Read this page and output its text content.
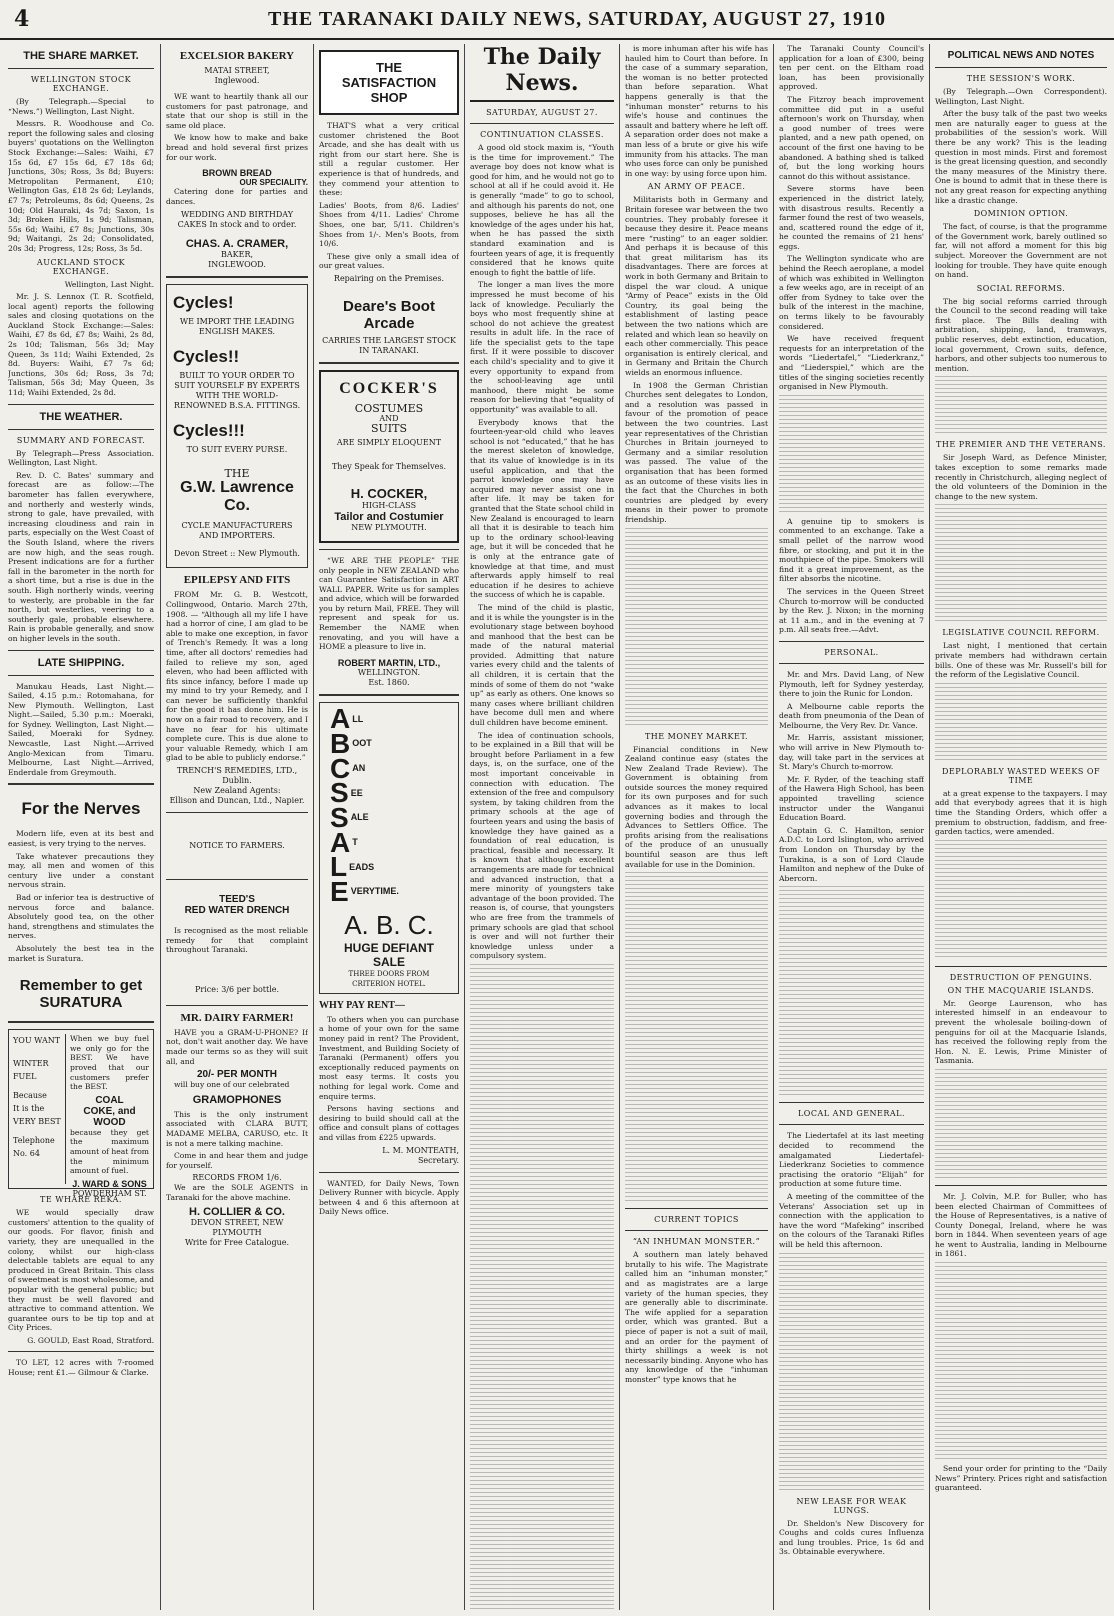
4	THE TARANAKI DAILY NEWS, SATURDAY, AUGUST 27, 1910
THE SHARE MARKET.
WELLINGTON STOCK EXCHANGE.

(By Telegraph.—Special to “News.”) Wellington, Last Night.

Messrs. R. Woodhouse and Co. report the following sales and closing buyers' quotations on the Wellington Stock Exchange:—Sales: Waihi, £7 15s 6d, £7 15s 6d, £7 18s 6d; Junctions, 30s; Ross, 3s 8d; Buyers: Metropolitan Permanent, £10; Wellington Gas, £18 2s 6d; Leylands, £7 7s; Petroleums, 8s 6d; Queens, 2s 10d; Old Hauraki, 4s 7d; Saxon, 1s 3d; Broken Hills, 1s 9d; Talisman, 55s 6d; Waihi, £7 8s; Junctions, 30s 9d; Waitangi, 2s 2d; Consolidated, 20s 3d; Progress, 12s; Ross, 3s 5d.

AUCKLAND STOCK EXCHANGE.

Wellington, Last Night.

Mr. J. S. Lennox (T. R. Scotfield, local agent) reports the following sales and closing quotations on the Auckland Stock Exchange:—Sales: Waihi, £7 8s 6d, £7 8s; Waihi, 2s 8d, 2s 10d; Talisman, 56s 3d; May Queen, 3s 11d; Waihi Extended, 2s 8d. Buyers: Waihi, £7 7s 6d; Junctions, 30s 6d; Ross, 3s 7d; Talisman, 56s 3d; May Queen, 3s 11d; Waihi Extended, 2s 8d.

THE WEATHER.
SUMMARY AND FORECAST.

By Telegraph—Press Association. Wellington, Last Night.

Rev. D. C. Bates' summary and forecast are as follow:—The barometer has fallen everywhere, and northerly and westerly winds, strong to gale, have prevailed, with increasing cloudiness and rain in parts, especially on the West Coast of the South Island, where the rivers are now high, and the seas rough. Present indications are for a further fall in the barometer in the north for a short time, but a rise is due in the south. High northerly winds, veering to westerly, are probable in the far north, but westerlies, veering to a southerly gale, probable elsewhere. Rain is probable generally, and snow on higher levels in the south.

LATE SHIPPING.

Manukau Heads, Last Night.—Sailed, 4.15 p.m.: Rotomahana, for New Plymouth. Wellington, Last Night.—Sailed, 5.30 p.m.: Moeraki, for Sydney. Wellington, Last Night.—Sailed, Moeraki for Sydney. Newcastle, Last Night.—Arrived Anglo-Mexican from Timaru. Melbourne, Last Night.—Arrived, Enderdale from Greymouth.

For the Nerves

Modern life, even at its best and easiest, is very trying to the nerves.

Take whatever precautions they may, all men and women of this century live under a constant nervous strain.

Bad or inferior tea is destructive of nervous force and balance. Absolutely good tea, on the other hand, strengthens and stimulates the nerves.

Absolutely the best tea in the market is Suratura.

Remember to get
SURATURA
YOU WANT
WINTER FUEL
Because
It is the
VERY BEST
Telephone No. 64

When we buy fuel we only go for the BEST. We have proved that our customers prefer the BEST.

COAL
COKE, and
WOOD

because they get the maximum amount of heat from the minimum amount of fuel.

J. WARD & SONS
POWDERHAM ST.
TE WHARE REKA.

WE would specially draw customers' attention to the quality of our goods. For flavor, finish and variety, they are unequalled in the colony, whilst our high-class delectable tablets are equal to any produced in Great Britain. This class of sweetmeat is most wholesome, and popular with the general public; but they must be well flavored and attractive to command attention. We guarantee ours to be tip top and at City Prices.

G. GOULD, East Road, Stratford.

TO LET, 12 acres with 7-roomed House; rent £1.— Gilmour & Clarke.

EXCELSIOR BAKERY
MATAI STREET,
Inglewood.

WE want to heartily thank all our customers for past patronage, and state that our shop is still in the same old place.

We know how to make and bake bread and hold several first prizes for our work.

BROWN BREAD
OUR SPECIALITY.

Catering done for parties and dances.

WEDDING AND BIRTHDAY CAKES In stock and to order.
CHAS. A. CRAMER,
BAKER,
INGLEWOOD.
Cycles!
WE IMPORT THE LEADING ENGLISH MAKES.
Cycles!!
BUILT TO YOUR ORDER TO SUIT YOURSELF BY EXPERTS WITH THE WORLD-RENOWNED B.S.A. FITTINGS.
Cycles!!!
TO SUIT EVERY PURSE.
THE
G.W. Lawrence
Co.
CYCLE MANUFACTURERS AND IMPORTERS.
Devon Street :: New Plymouth.
EPILEPSY AND FITS

FROM Mr. G. B. Westcott, Collingwood, Ontario. March 27th, 1908. — “Although all my life I have had a horror of cine, I am glad to be able to make one exception, in favor of Trench's Remedy. It was a long time, after all doctors' remedies had failed to relieve my son, aged eleven, who had been afflicted with fits since infancy, before I made up my mind to try your Remedy, and I can never be sufficiently thankful for the good it has done him. He is now on a fair road to recovery, and I have no fear for his ultimate complete cure. This is due alone to your valuable Remedy, which I am glad to be able to publicly endorse.”

TRENCH'S REMEDIES, LTD., Dublin.
New Zealand Agents:
Ellison and Duncan, Ltd., Napier.
NOTICE TO FARMERS.
TEED'S
RED WATER DRENCH

Is recognised as the most reliable remedy for that complaint throughout Taranaki.

Price: 3/6 per bottle.
MR. DAIRY FARMER!

HAVE you a GRAM-U-PHONE? If not, don't wait another day. We have made our terms so as they will suit all, and

20/- PER MONTH

will buy one of our celebrated

GRAMOPHONES

This is the only instrument associated with CLARA BUTT, MADAME MELBA, CARUSO, etc. It is not a mere talking machine.

Come in and hear them and judge for yourself.

RECORDS FROM 1/6.

We are the SOLE AGENTS in Taranaki for the above machine.

H. COLLIER & CO.
DEVON STREET, NEW PLYMOUTH
Write for Free Catalogue.
THE
SATISFACTION
SHOP

THAT'S what a very critical customer christened the Boot Arcade, and she has dealt with us right from our start here. She is still a regular customer. Her experience is that of hundreds, and they commend your attention to these:

Ladies' Boots, from 8/6. Ladies' Shoes from 4/11. Ladies' Chrome Shoes, one bar, 5/11. Children's Shoes from 1/-. Men's Boots, from 10/6.

These give only a small idea of our great values.

Repairing on the Premises.
Deare's Boot
Arcade
CARRIES THE LARGEST STOCK IN TARANAKI.
COCKER'S
COSTUMES
AND
SUITS
ARE SIMPLY ELOQUENT
They Speak for Themselves.
H. COCKER,
HIGH-CLASS
Tailor and Costumier
NEW PLYMOUTH.

“WE ARE THE PEOPLE” THE only people in NEW ZEALAND who can Guarantee Satisfaction in ART WALL PAPER. Write us for samples and advice, which will be forwarded you by return Mail, FREE. They will represent and speak for us. Remember the NAME when renovating, and you will have a HOME a pleasure to live in.

ROBERT MARTIN, LTD.,
WELLINGTON.
Est. 1860.
ALL
BOOT
CAN
SEE
SALE
A T
LEADS
EVERYTIME.
A. B. C.
HUGE DEFIANT SALE
THREE DOORS FROM CRITERION HOTEL.
WHY PAY RENT—

To others when you can purchase a home of your own for the same money paid in rent? The Provident, Investment, and Building Society of Taranaki (Permanent) offers you exceptionally reduced payments on most easy terms. It costs you nothing for legal work. Come and enquire terms.

Persons having sections and desiring to build should call at the office and consult plans of cottages and villas from £225 upwards.

L. M. MONTEATH,
Secretary.

WANTED, for Daily News, Town Delivery Runner with bicycle. Apply between 4 and 6 this afternoon at Daily News office.

The Daily News.
SATURDAY, AUGUST 27.
CONTINUATION CLASSES.

A good old stock maxim is, “Youth is the time for improvement.” The average boy does not know what is good for him, and he would not go to school at all if he could avoid it. He is generally “made” to go to school, and although his parents do not, one supposes, believe he has all the knowledge of the ages under his hat, when he has passed the sixth standard examination and is fourteen years of age, it is frequently considered that he knows quite enough to fight the battle of life.

The longer a man lives the more impressed he must become of his lack of knowledge. Peculiarly the boys who most frequently shine at school do not achieve the greatest results in adult life. In the race of life the specialist gets to the tape first. If it were possible to discover each child's speciality and to give it every opportunity to expand from the school-leaving age until manhood, there might be some reason for believing that “equality of opportunity” was available to all.

Everybody knows that the fourteen-year-old child who leaves school is not “educated,” that he has the merest skeleton of knowledge, that its value of knowledge is in its useful application, and that the parrot knowledge one may have acquired may never assist one in after life. It may be taken for granted that the State school child in New Zealand is encouraged to learn all that it is desirable to teach him up to the ordinary school-leaving age, but it will be conceded that he is only at the entrance gate of knowledge at that time, and must afterwards apply himself to real education if he desires to achieve the success of which he is capable.

The mind of the child is plastic, and it is while the youngster is in the evolutionary stage between boyhood and manhood that the best can be made of the natural material provided. Admitting that nature varies every child and the talents of all children, it is certain that the minds of some of them do not “wake up” as early as others. One knows so many cases where brilliant children have become dull men and where dull children have become eminent.

The idea of continuation schools, to be explained in a Bill that will be brought before Parliament in a few days, is, on the surface, one of the most important conceivable in connection with education. The extension of the free and compulsory system, by taking children from the primary schools at the age of fourteen years and using the basis of knowledge they have gained as a foundation of real education, is practical, feasible and necessary. It is known that although excellent arrangements are made for technical and advanced instruction, that a mere minority of youngsters take advantage of the boon provided. The reason is, of course, that youngsters who are free from the trammels of primary schools are glad that school is over and will not further their knowledge unless under a compulsory system.

is more inhuman after his wife has hauled him to Court than before. In the case of a summary separation, the woman is no better protected than before separation. What happens generally is that the “inhuman monster” returns to his wife's house and continues the assault and battery where he left off. A separation order does not make a man less of a brute or give his wife immunity from his attacks. The man who uses force can only be punished in one way: by using force upon him.

AN ARMY OF PEACE.

Militarists both in Germany and Britain foresee war between the two countries. They probably foresee it because they desire it. Peace means mere “rusting” to an eager soldier. And perhaps it is because of this that great militarism has its disadvantages. There are forces at work in both Germany and Britain to dispel the war cloud. A unique “Army of Peace” exists in the Old Country, its goal being the establishment of lasting peace between the two nations which are related and which lean so heavily on each other commercially. This peace organisation is entirely clerical, and in Germany and Britain the Church wields an enormous influence.

In 1908 the German Christian Churches sent delegates to London, and a resolution was passed in favour of the promotion of peace between the two countries. Last year representatives of the Christian Churches in Britain journeyed to Germany and a similar resolution was passed. The value of the organisation that has been formed as an outcome of these visits lies in the fact that the Churches in both countries are pledged by every means in their power to promote friendship.

THE MONEY MARKET.

Financial conditions in New Zealand continue easy (states the New Zealand Trade Review). The Government is obtaining from outside sources the money required for its own purposes and for such advances as it makes to local governing bodies and through the Advances to Settlers Office. The profits arising from the realisations of the produce of an unusually bountiful season are thus left available for use in the Dominion.

CURRENT TOPICS
“AN INHUMAN MONSTER.”

A southern man lately behaved brutally to his wife. The Magistrate called him an “inhuman monster,” and as magistrates are a large variety of the human species, they are generally able to discriminate. The wife applied for a separation order, which was granted. But a piece of paper is not a suit of mail, and an order for the payment of thirty shillings a week is not necessarily binding. Anyone who has any knowledge of the “inhuman monster” type knows that he

The Taranaki County Council's application for a loan of £300, being ten per cent. on the Eltham road loan, has been provisionally approved.

The Fitzroy beach improvement committee did put in a useful afternoon's work on Thursday, when a good number of trees were planted, and a new path opened, on account of the first one having to be abandoned. A bathing shed is talked of, but the long working hours cannot do this without assistance.

Severe storms have been experienced in the district lately, with disastrous results. Recently a farmer found the rest of two weasels, and, scattered round the edge of it, he counted the remains of 21 hens' eggs.

The Wellington syndicate who are behind the Reech aeroplane, a model of which was exhibited in Wellington a few weeks ago, are in receipt of an offer from Sydney to take over the bulk of the interest in the machine, on terms likely to be favourably considered.

We have received frequent requests for an interpretation of the words “Liedertafel,” “Liederkranz,” and “Liederspiel,” which are the titles of the singing societies recently organised in New Plymouth.

A genuine tip to smokers is commented to an exchange. Take a small pellet of the narrow wood fibre, or stocking, and put it in the mouthpiece of the pipe. Smokers will find it a great improvement, as the filter absorbs the nicotine.

The services in the Queen Street Church to-morrow will be conducted by the Rev. J. Nixon; in the morning at 11 a.m., and in the evening at 7 p.m. All seats free.—Advt.

PERSONAL.

Mr. and Mrs. David Lang, of New Plymouth, left for Sydney yesterday, there to join the Runic for London.

A Melbourne cable reports the death from pneumonia of the Dean of Melbourne, the Very Rev. Dr. Vance.

Mr. Harris, assistant missioner, who will arrive in New Plymouth to-day, will take part in the services at St. Mary's Church to-morrow.

Mr. F. Ryder, of the teaching staff of the Hawera High School, has been appointed travelling science instructor under the Wanganui Education Board.

Captain G. C. Hamilton, senior A.D.C. to Lord Islington, who arrived from London on Thursday by the Turakina, is a son of Lord Claude Hamilton and nephew of the Duke of Abercorn.

LOCAL AND GENERAL.

The Liedertafel at its last meeting decided to recommend the amalgamated Liedertafel-Liederkranz Societies to commence practising the oratorio “Elijah” for production at some future time.

A meeting of the committee of the Veterans' Association set up in connection with the application to have the word “Mafeking” inscribed on the colours of the Taranaki Rifles will be held this afternoon.

NEW LEASE FOR WEAK LUNGS.

Dr. Sheldon's New Discovery for Coughs and colds cures Influenza and lung troubles. Price, 1s 6d and 3s. Obtainable everywhere.

POLITICAL NEWS AND NOTES
THE SESSION'S WORK.

(By Telegraph.—Own Correspondent). Wellington, Last Night.

After the busy talk of the past two weeks men are naturally eager to guess at the probabilities of the session's work. Will there be any work? This is the leading question in most minds. First and foremost is the great licensing question, and secondly the many measures of the Ministry there. One is bound to admit that in these there is not any great reason for expecting anything like a drastic change.

DOMINION OPTION.

The fact, of course, is that the programme of the Government work, barely outlined so far, will not afford a moment for this big subject. Moreover the Government are not looking for trouble. They have quite enough on hand.

SOCIAL REFORMS.

The big social reforms carried through the Council to the second reading will take first place. The Bills dealing with arbitration, shipping, land, tramways, public reserves, debt extinction, education, local government, Crown suits, defence, harbors, and other subjects too numerous to mention.

THE PREMIER AND THE VETERANS.

Sir Joseph Ward, as Defence Minister, takes exception to some remarks made recently in Christchurch, alleging neglect of the old volunteers of the Dominion in the change to the new system.

LEGISLATIVE COUNCIL REFORM.

Last night, I mentioned that certain private members had withdrawn certain bills. One of these was Mr. Russell's bill for the reform of the Legislative Council.

DEPLORABLY WASTED WEEKS OF TIME

at a great expense to the taxpayers. I may add that everybody agrees that it is high time the Standing Orders, which offer a premium to obstruction, faddism, and free-garden tactics, were amended.

DESTRUCTION OF PENGUINS.
ON THE MACQUARIE ISLANDS.

Mr. George Laurenson, who has interested himself in an endeavour to prevent the wholesale boiling-down of penguins for oil at the Macquarie Islands, has received the following reply from the Hon. N. E. Lewis, Prime Minister of Tasmania.

Mr. J. Colvin, M.P. for Buller, who has been elected Chairman of Committees of the House of Representatives, is a native of County Donegal, Ireland, where he was born in 1844. When seventeen years of age he went to Australia, landing in Melbourne in 1861.

Send your order for printing to the “Daily News” Printery. Prices right and satisfaction guaranteed.
